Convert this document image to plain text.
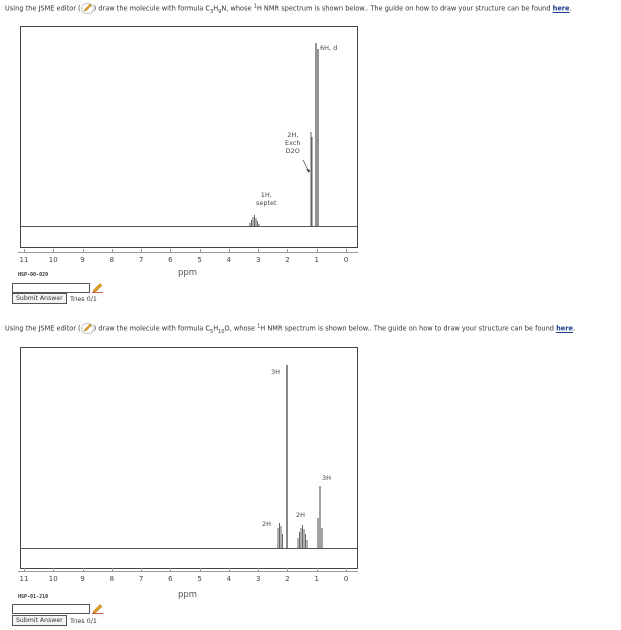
Using the JSME editor ( ) draw the molecule with formula $C_3H_9N$, whose $^1$H NMR spectrum is shown below.. The guide on how to draw your structure can be found here.
6H, d
2H,
Exch
D2O
1H,
septet
11	10	9	8	7	6	5	4	3	2	1	0
ppm
HSP-00-029
Submit Answer	Tries 0/1
Using the JSME editor ( ) draw the molecule with formula $C_5H_{10}O$, whose $^1$H NMR spectrum is shown below.. The guide on how to draw your structure can be found here.
3H
3H
2H
2H
11	10	9	8	7	6	5	4	3	2	1	0
ppm
HSP-01-210
Submit Answer	Tries 0/1
